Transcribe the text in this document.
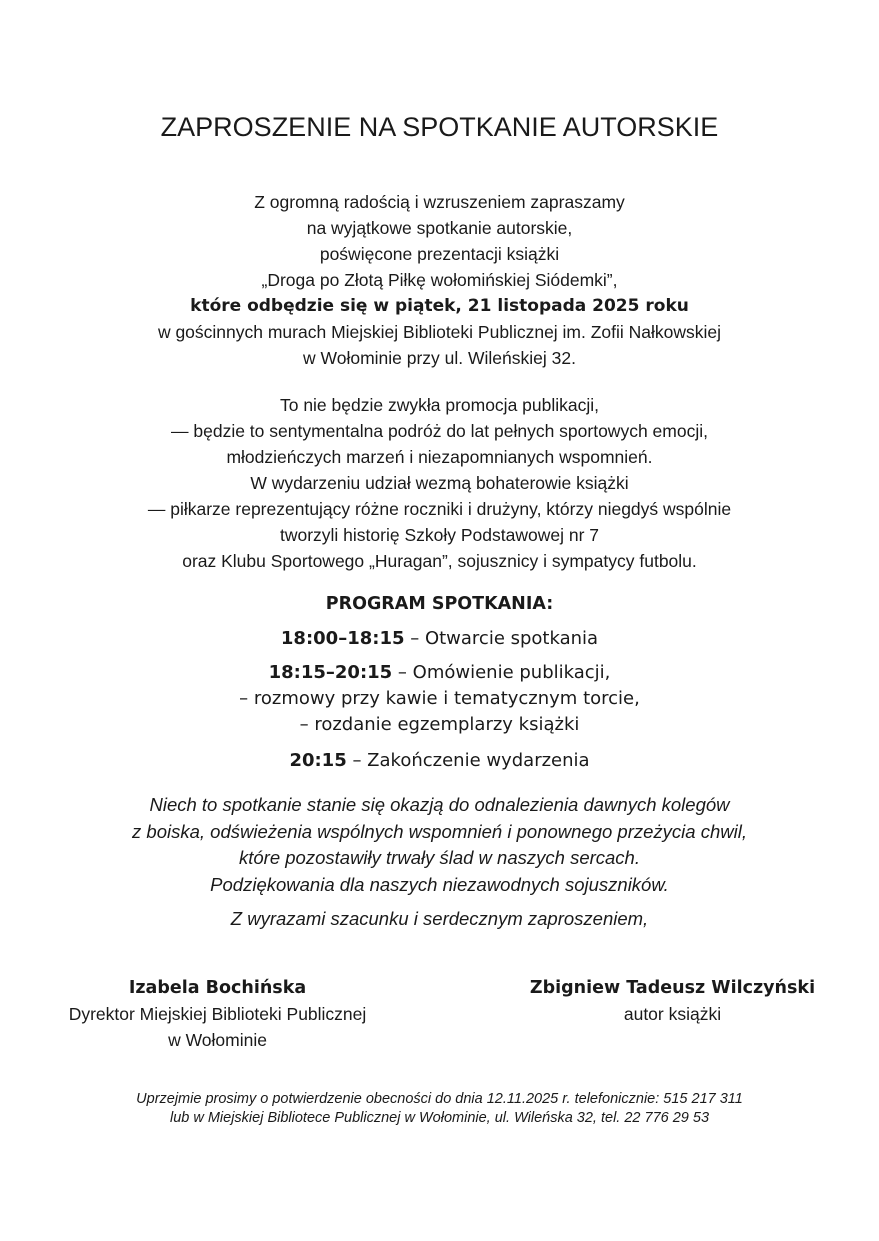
ZAPROSZENIE NA SPOTKANIE AUTORSKIE
Z ogromną radością i wzruszeniem zapraszamy
na wyjątkowe spotkanie autorskie,
poświęcone prezentacji książki
„Droga po Złotą Piłkę wołomińskiej Siódemki”,
które odbędzie się w piątek, 21 listopada 2025 roku
w gościnnych murach Miejskiej Biblioteki Publicznej im. Zofii Nałkowskiej
w Wołominie przy ul. Wileńskiej 32.
To nie będzie zwykła promocja publikacji,
— będzie to sentymentalna podróż do lat pełnych sportowych emocji,
młodzieńczych marzeń i niezapomnianych wspomnień.
W wydarzeniu udział wezmą bohaterowie książki
— piłkarze reprezentujący różne roczniki i drużyny, którzy niegdyś wspólnie
tworzyli historię Szkoły Podstawowej nr 7
oraz Klubu Sportowego „Huragan”, sojusznicy i sympatycy futbolu.
PROGRAM SPOTKANIA:
18:00–18:15 – Otwarcie spotkania
18:15–20:15 – Omówienie publikacji,
– rozmowy przy kawie i tematycznym torcie,
– rozdanie egzemplarzy książki
20:15 – Zakończenie wydarzenia
Niech to spotkanie stanie się okazją do odnalezienia dawnych kolegów
z boiska, odświeżenia wspólnych wspomnień i ponownego przeżycia chwil,
które pozostawiły trwały ślad w naszych sercach.
Podziękowania dla naszych niezawodnych sojuszników.
Z wyrazami szacunku i serdecznym zaproszeniem,
Izabela Bochińska
Dyrektor Miejskiej Biblioteki Publicznej
w Wołominie
Zbigniew Tadeusz Wilczyński
autor książki
Uprzejmie prosimy o potwierdzenie obecności do dnia 12.11.2025 r. telefonicznie: 515 217 311
lub w Miejskiej Bibliotece Publicznej w Wołominie, ul. Wileńska 32, tel. 22 776 29 53
